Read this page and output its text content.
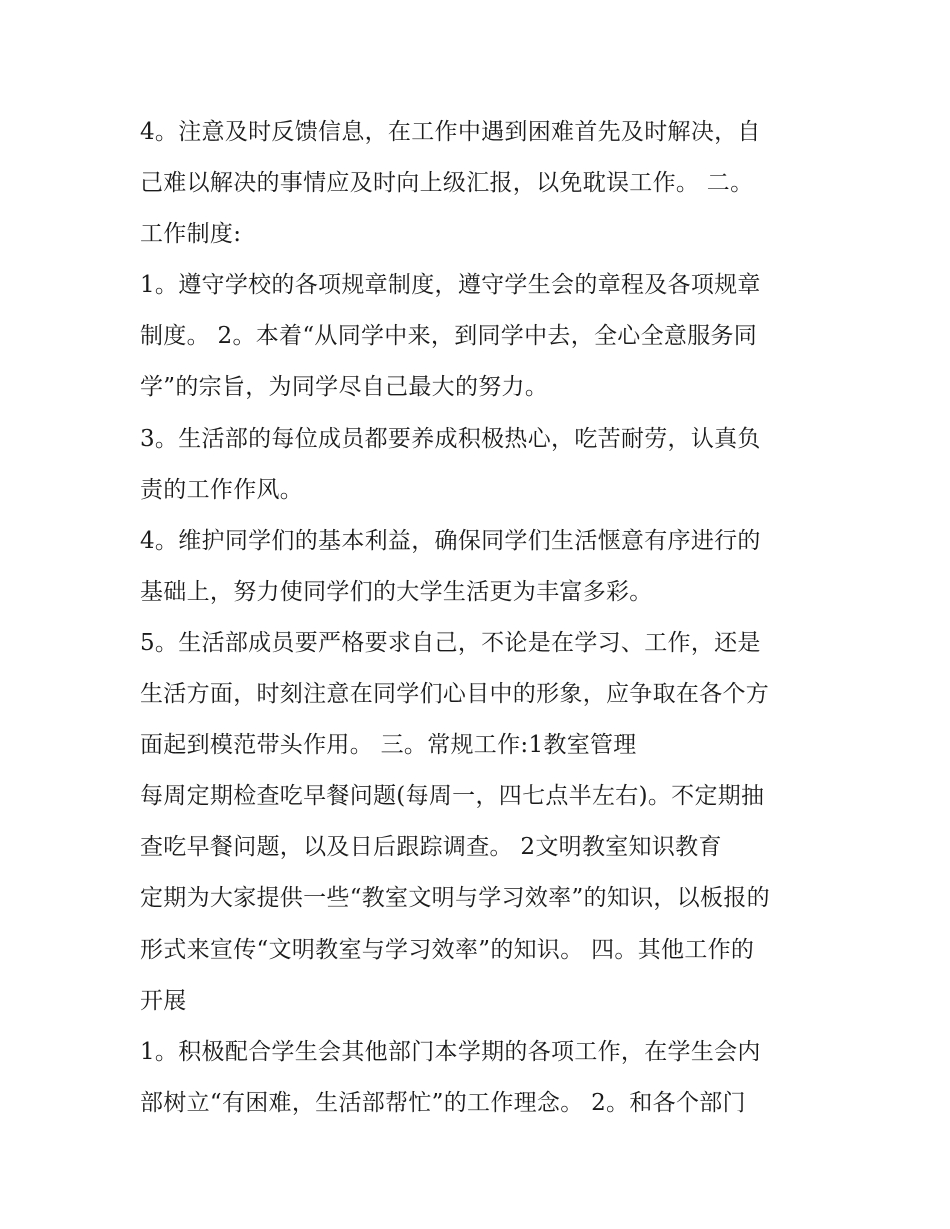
4。注意及时反馈信息，在工作中遇到困难首先及时解决，自
己难以解决的事情应及时向上级汇报，以免耽误工作。 二。
工作制度:
1。遵守学校的各项规章制度，遵守学生会的章程及各项规章
制度。 2。本着“从同学中来，到同学中去，全心全意服务同
学”的宗旨，为同学尽自己最大的努力。
3。生活部的每位成员都要养成积极热心，吃苦耐劳，认真负
责的工作作风。
4。维护同学们的基本利益，确保同学们生活惬意有序进行的
基础上，努力使同学们的大学生活更为丰富多彩。
5。生活部成员要严格要求自己，不论是在学习、工作，还是
生活方面，时刻注意在同学们心目中的形象，应争取在各个方
面起到模范带头作用。 三。常规工作:1教室管理
每周定期检查吃早餐问题(每周一，四七点半左右)。不定期抽
查吃早餐问题，以及日后跟踪调查。 2文明教室知识教育
定期为大家提供一些“教室文明与学习效率”的知识，以板报的
形式来宣传“文明教室与学习效率”的知识。 四。其他工作的
开展
1。积极配合学生会其他部门本学期的各项工作，在学生会内
部树立“有困难，生活部帮忙”的工作理念。 2。和各个部门
